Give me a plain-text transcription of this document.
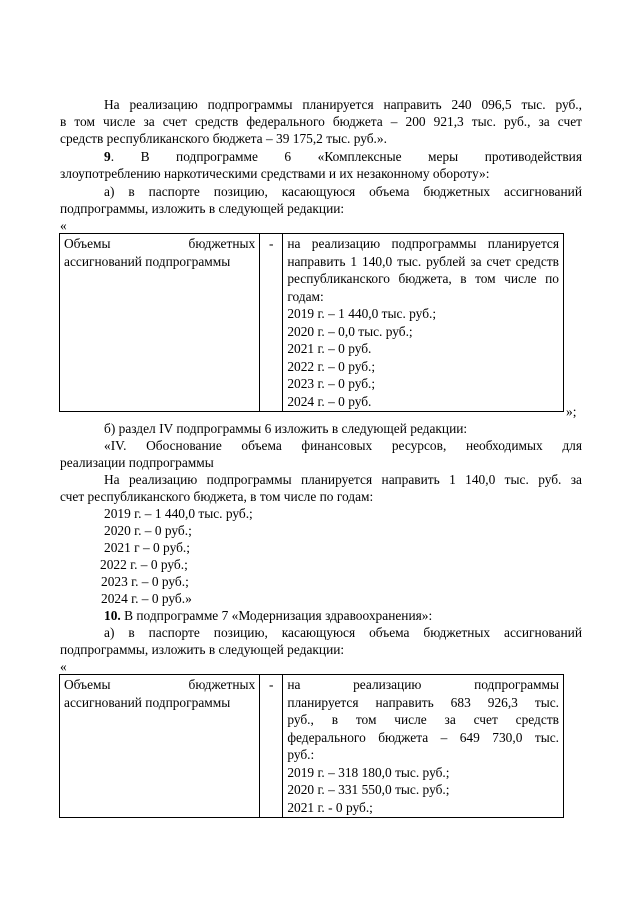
На реализацию подпрограммы планируется направить 240 096,5 тыс. руб.,

в том числе за счет средств федерального бюджета – 200 921,3 тыс. руб., за счет

средств республиканского бюджета – 39 175,2 тыс. руб.».

9. В подпрограмме 6 «Комплексные меры противодействия

злоупотреблению наркотическими средствами и их незаконному обороту»:

а) в паспорте позицию, касающуюся объема бюджетных ассигнований

подпрограммы, изложить в следующей редакции:

«
Объемы бюджетных
ассигнований подпрограммы
	-	на реализацию подпрограммы планируется
направить 1 140,0 тыс. рублей за счет средств
республиканского бюджета, в том числе по
годам:
2019 г. – 1 440,0 тыс. руб.;
2020 г. – 0,0 тыс. руб.;
2021 г. – 0 руб.
2022 г. – 0 руб.;
2023 г. – 0 руб.;
2024 г. – 0 руб.
»;

б) раздел IV подпрограммы 6 изложить в следующей редакции:

«IV. Обоснование объема финансовых ресурсов, необходимых для

реализации подпрограммы

На реализацию подпрограммы планируется направить 1 140,0 тыс. руб. за

счет республиканского бюджета, в том числе по годам:

2019 г. – 1 440,0 тыс. руб.;
2020 г. – 0 руб.;
2021 г – 0 руб.;
2022 г. – 0 руб.;
2023 г. – 0 руб.;
2024 г. – 0 руб.»

10. В подпрограмме 7 «Модернизация здравоохранения»:

а) в паспорте позицию, касающуюся объема бюджетных ассигнований

подпрограммы, изложить в следующей редакции:

«
Объемы бюджетных
ассигнований подпрограммы
	-	на реализацию подпрограммы
планируется направить 683 926,3 тыс.
руб., в том числе за счет средств
федерального бюджета – 649 730,0 тыс.
руб.:
2019 г. – 318 180,0 тыс. руб.;
2020 г. – 331 550,0 тыс. руб.;
2021 г. - 0 руб.;
